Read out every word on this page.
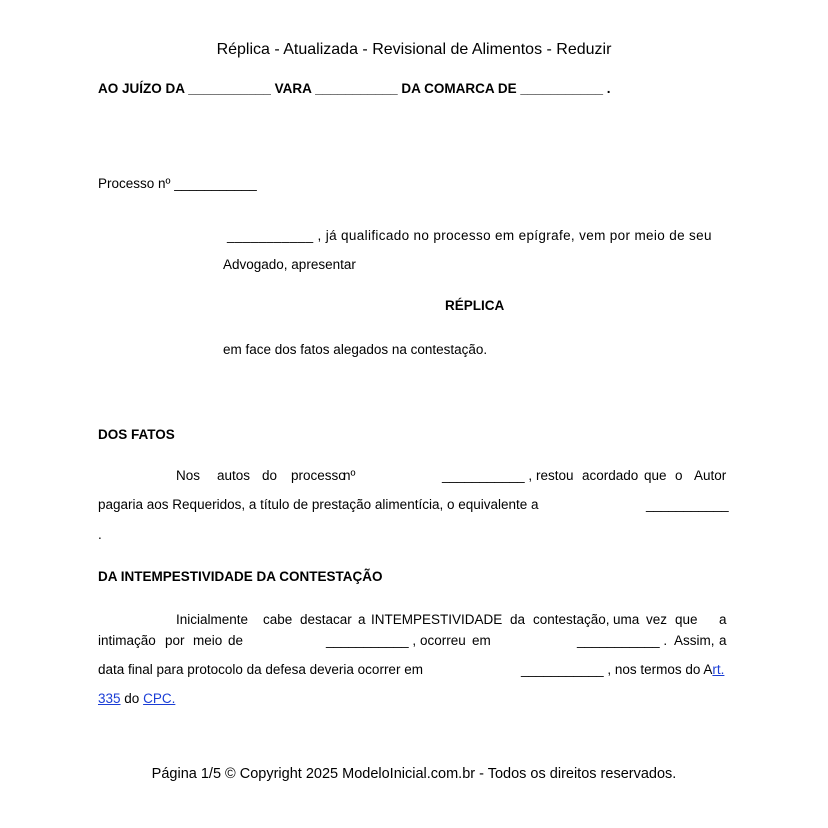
Réplica - Atualizada - Revisional de Alimentos - Reduzir
AO JUÍZO DA ___________ VARA ___________ DA COMARCA DE ___________ .
Processo nº ___________
___________ , já qualificado no processo em epígrafe, vem por meio de seu
Advogado, apresentar
RÉPLICA
em face dos fatos alegados na contestação.
DOS FATOS
Nos autos do processo
nº	___________ , restou acordado que o Autor
pagaria aos Requeridos, a título de prestação alimentícia, o equivalente a	___________
.
DA INTEMPESTIVIDADE DA CONTESTAÇÃO
Inicialmente cabe destacar a INTEMPESTIVIDADE da contestação, uma vez que a
intimação por meio de	___________ , ocorreu em	___________ . Assim, a
data final para protocolo da defesa deveria ocorrer em	___________ , nos termos do Art.
335 do CPC.
Página 1/5 © Copyright 2025 ModeloInicial.com.br - Todos os direitos reservados.
